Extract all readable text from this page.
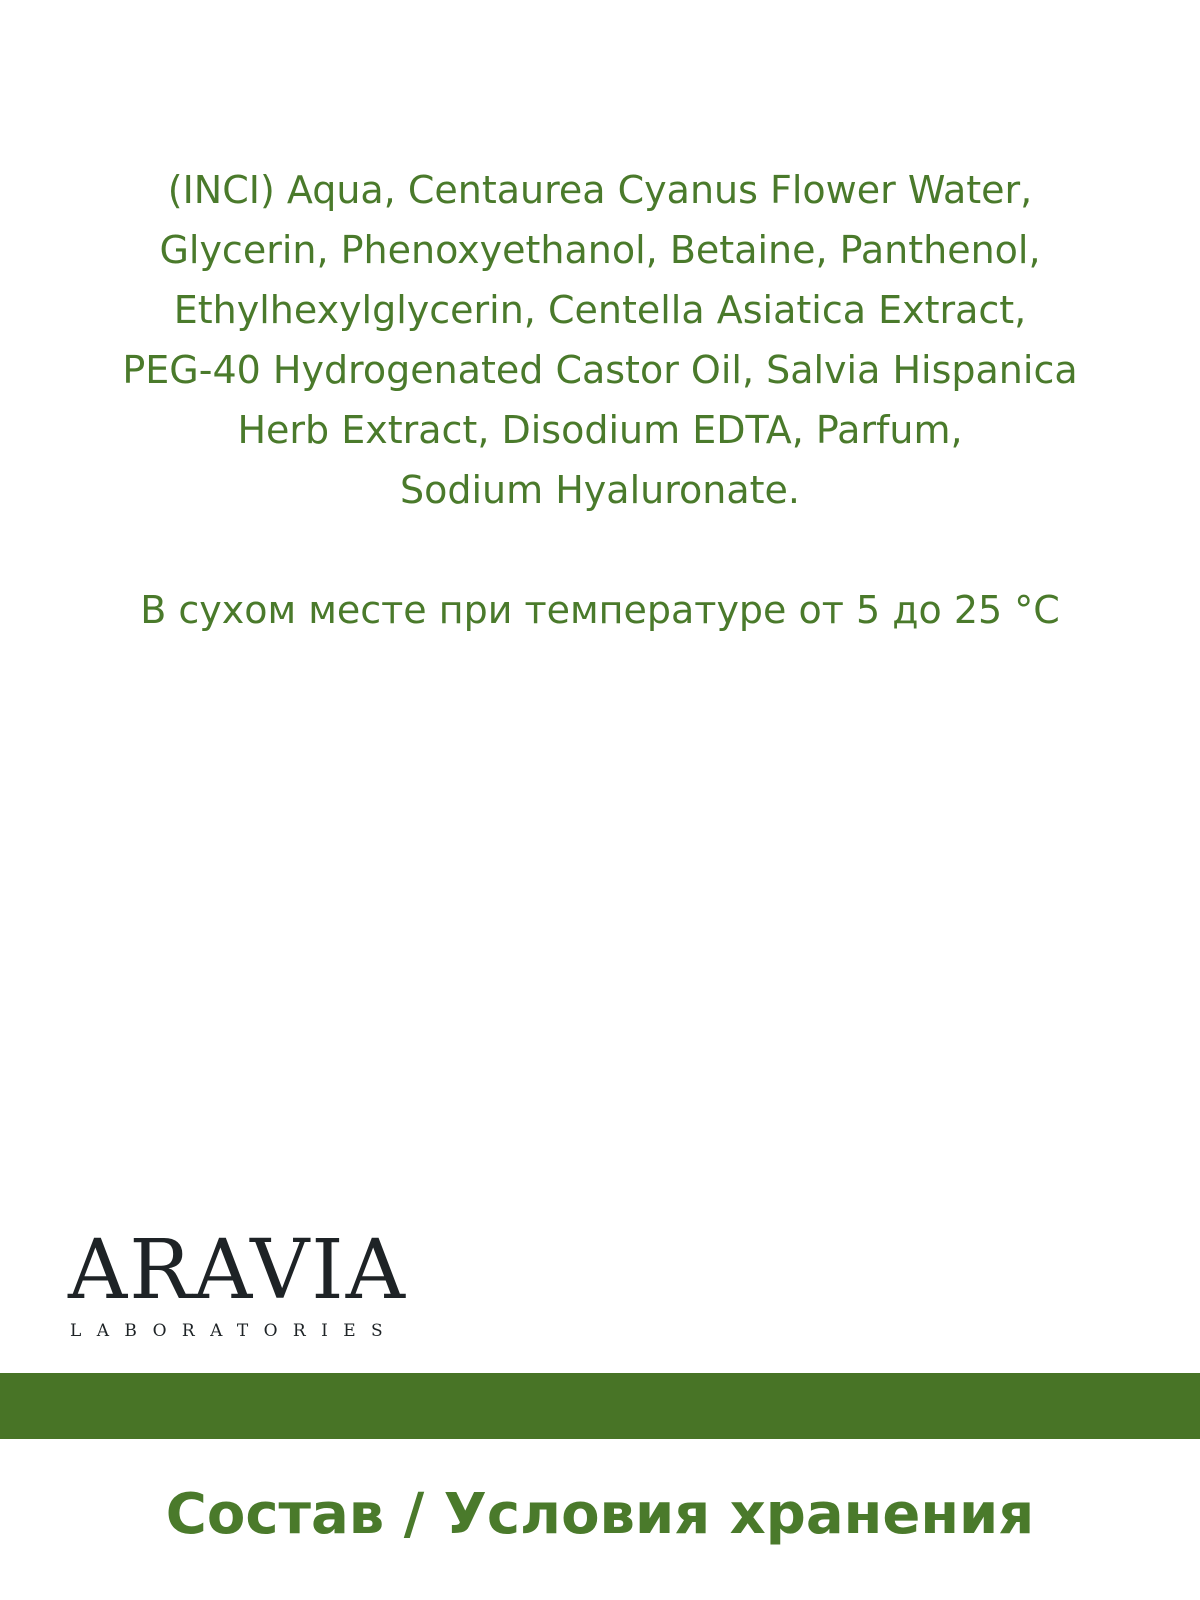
(INCI) Aqua, Centaurea Cyanus Flower Water,
Glycerin, Phenoxyethanol, Betaine, Panthenol,
Ethylhexylglycerin, Centella Asiatica Extract,
PEG-40 Hydrogenated Castor Oil, Salvia Hispanica
Herb Extract, Disodium EDTA, Parfum,
Sodium Hyaluronate.

В сухом месте при температуре от 5 до 25 °C

ARAVIA
LABORATORIES
Состав / Условия хранения
